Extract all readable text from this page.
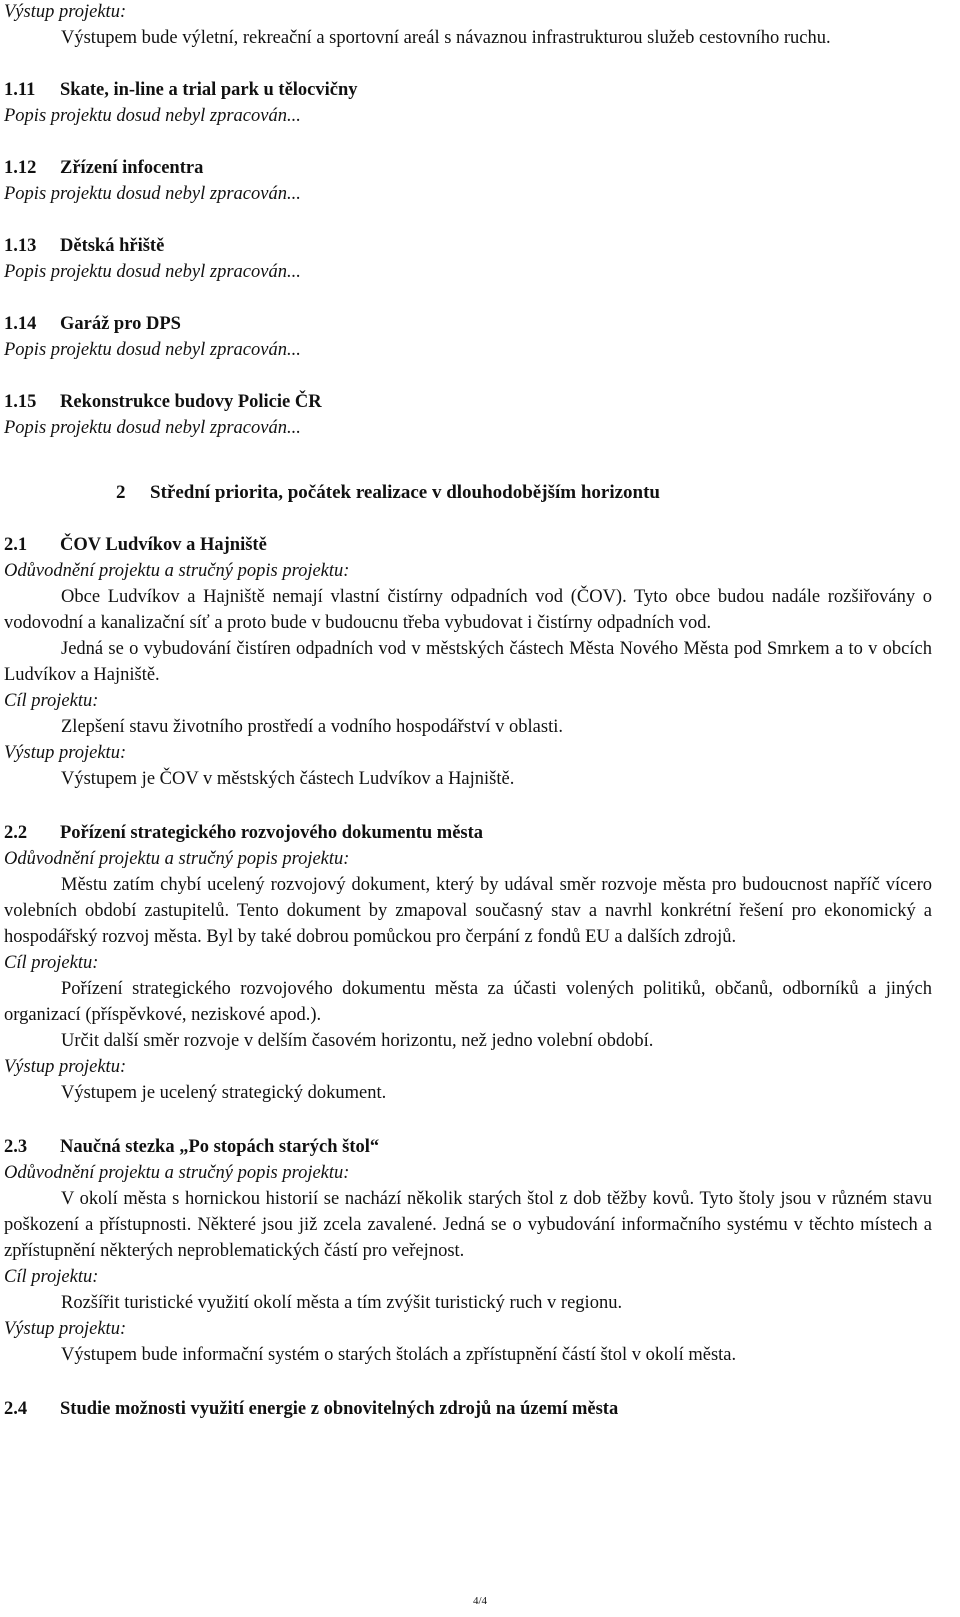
Výstup projektu:

Výstupem bude výletní, rekreační a sportovní areál s návaznou infrastrukturou služeb cestovního ruchu.

1.11 Skate, in-line a trial park u tělocvičny

Popis projektu dosud nebyl zpracován...

1.12 Zřízení infocentra

Popis projektu dosud nebyl zpracován...

1.13 Dětská hřiště

Popis projektu dosud nebyl zpracován...

1.14 Garáž pro DPS

Popis projektu dosud nebyl zpracován...

1.15 Rekonstrukce budovy Policie ČR

Popis projektu dosud nebyl zpracován...

2 Střední priorita, počátek realizace v dlouhodobějším horizontu

2.1 ČOV Ludvíkov a Hajniště

Odůvodnění projektu a stručný popis projektu:

Obce Ludvíkov a Hajniště nemají vlastní čistírny odpadních vod (ČOV). Tyto obce budou nadále rozšiřovány o vodovodní a kanalizační síť a proto bude v budoucnu třeba vybudovat i čistírny odpadních vod.

Jedná se o vybudování čistíren odpadních vod v městských částech Města Nového Města pod Smrkem a to v obcích Ludvíkov a Hajniště.

Cíl projektu:

Zlepšení stavu životního prostředí a vodního hospodářství v oblasti.

Výstup projektu:

Výstupem je ČOV v městských částech Ludvíkov a Hajniště.

2.2 Pořízení strategického rozvojového dokumentu města

Odůvodnění projektu a stručný popis projektu:

Městu zatím chybí ucelený rozvojový dokument, který by udával směr rozvoje města pro budoucnost napříč vícero volebních období zastupitelů. Tento dokument by zmapoval současný stav a navrhl konkrétní řešení pro ekonomický a hospodářský rozvoj města. Byl by také dobrou pomůckou pro čerpání z fondů EU a dalších zdrojů.

Cíl projektu:

Pořízení strategického rozvojového dokumentu města za účasti volených politiků, občanů, odborníků a jiných organizací (příspěvkové, neziskové apod.).

Určit další směr rozvoje v delším časovém horizontu, než jedno volební období.

Výstup projektu:

Výstupem je ucelený strategický dokument.

2.3 Naučná stezka „Po stopách starých štol“

Odůvodnění projektu a stručný popis projektu:

V okolí města s hornickou historií se nachází několik starých štol z dob těžby kovů. Tyto štoly jsou v různém stavu poškození a přístupnosti. Některé jsou již zcela zavalené. Jedná se o vybudování informačního systému v těchto místech a zpřístupnění některých neproblematických částí pro veřejnost.

Cíl projektu:

Rozšířit turistické využití okolí města a tím zvýšit turistický ruch v regionu.

Výstup projektu:

Výstupem bude informační systém o starých štolách a zpřístupnění částí štol v okolí města.

2.4 Studie možnosti využití energie z obnovitelných zdrojů na území města

4/4
